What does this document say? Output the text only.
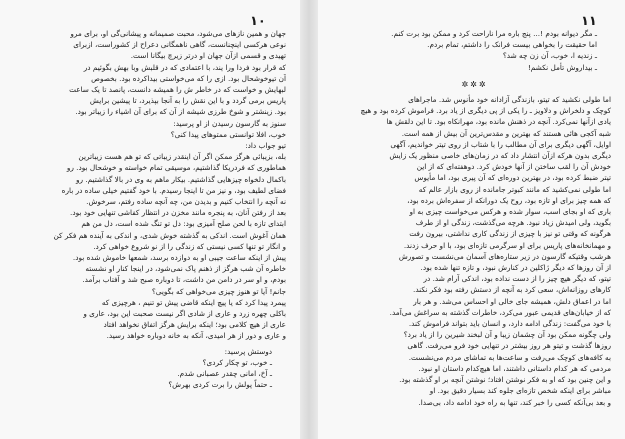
۱۰

جهان و همین نازهای می‌شود، محبت صمیمانه و پیشانی‌گی او، برای مرو

نوعی هرکسی اینچنانست، گاهی ناهمگانی دعراح از کشوراست، ازبرای

تهیدی و قسمی ازآن جهان او درتر زیرچ بیگانا است.

که قرار بود فردا ورا یند، با اعتمادی که در قلبش وبا بهش بگوئیم در

آن تیوخوشحال بود. ازی را که می‌خواستی بیداکرده بود. بخصوص

لبهایش و خواست که در خاطر ش را همیشه دانست، پانصد تا یک ساعت

پاریس برمی گردد و با این نقش را به آنجا بپذیرد، تا پیشین برایش

بود. زینشتر و شوخ طرزی شیشه از آن که برای آن اشیاء را زیباتر بود.

سنوز به گارسون رسیدن از او پرسید:

خوب، افلا توانستی ممتوهای پیدا کنی؟

تیو جواب داد:

بله، بزیبائی هرگز ممکن اگر آن اینقدر زیباتی که تو هم هست زیباترین

هماطوری که فردریکا گذاشتیم، موسیقی تمام خواسته و خوشحال بود. رو

باکمال دلخواه چیزهایی گذاشتیم. بیکار ماهم به وی در بالا گذاشتیم. رو

فضای لطیف بود، و نیز من تا اینجا رسیدم. با خود گفتیم خیلی ساده در باره

نه آنچه را انتخاب کنیم و بدیدن من، چه آنچه ساده رفتم، سرخوش.

بعد از رفتن آنان، به پنجره مانند مخزن در انتظار کفاشی تنهایی خود بود.

ابتدای تازه با لحن صلح آمیزی بود: دل تو تنگ شده است، دل من هم

همان آغوش است. اندکی به گذشته خوش شدی، و اندکی به آینده هم فکر کن

و انگار تو تنها کسی نیستی که زندگی را از نو شروع خواهی کرد.

پیش از اینکه ساعت جیبی او به دوازده برسد، شمعها خاموش شده بود.

خاطره آن شب هرگز از ذهنم پاک نمی‌شود، در اینجا کنار او نشسته

بودم، و او سر در دامن من داشت، تا دوباره صبح شد و آفتاب برآمد.

جانم! آیا تو هنوز چیزی می‌خواهی که بگویی؟

پیمرد پیدا کرد که یا پیچ اینکه قاضی پیش تو تنیم ، هرچیزی که

باکلی چهره زرد و عاری از شادی اگر نیست صحبت این بود، عاری و

عاری از هیچ کلامی بود؛ اینکه برایش هرگز اتفاق نخواهد افتاد

و عاری و دور از هر امیدی، آنکه به خانه دوباره خواهد رسید.

دوستش پرسید:

ـ خوب، تو چکار کردی؟

ـ آخ، امانی چقدر عصبانی شدم.

ـ حتماً پولش را برت کردی بهرش؟

۱۱

ـ مگر دیوانه بودم !... پنج باره مرا ناراحت کرد و ممکن بود برت کنم.

اما حقیقت را بخواهی بیست فرانک را داشتم، تمام بردم.

ـ زندیه ا، خوب، آن زن چه شد؟

ـ بیداروش تأمل نکشم!

✲✲✲

اما طولی نکشید که تیتو، بازندگی آزادانه خود مأنوس شد. ماجراهای

کوچک و دلخراش و دلاویز ـ را یکی از پی دیگری از یاد برد. فراموش کرده بود و هیچ

یادی ازآنها نمی‌کرد. آنچه در ذهنش مانده بود، مهرانکاه بود. تا این دلقش ها

شبه آکجی هائی هستند که بهترین و مقدس‌ترین آن بیش از همه است.

اوایل، آگهی دیگری برای آن مطالب را با شتاب از روی تیتر خواندیم، آگهی

دیگری بدون هرکه ازآن انتشار داد که در زمان‌های خاصی منظور یک زایش

خودش آن را لقب ساختن از آنها خودش کرد. دوهفته‌ای که از این

تیتر ضبط کرده بود، در بهترین دوره‌ای که آن پیری بود، اما مأیوس

اما طولی نمی‌کشید که مانند کبوتر جامانده از روی بازار عالم که

که همه چیز برای او تازه بود، روح یک دورانکه از سفره‌اش برده بود،

باری که او بجای اسب، سوار شده و هرکس می‌خواست چیزی به او

بگوید، ولی امیدش زیاد نبود. هرچه می‌گذشت، زندگی او از طرف

هرگونه که وقتی تو نیز با چیزی از زندگی کاری نداشتی، بیرون رفت

و مهمانخانه‌های پاریس برای او سرگرمی تازه‌ای بود، با او حرف زدند.

هرشب وقتیکه گارسون در زیر ستاره‌های آسمان می‌نشست و تصورش

از آن روزها که دیگر ژاکلین در کنارش نبود، و تازه تنها شده بود.

تیتو، که دیگر هیچ چیز را از دست نداده بود، اندکی آرام شد. در

کارهای روزانه‌اش، سعی کرد به آنچه از دستش رفته بود فکر نکند.

اما در اعماق دلش، همیشه جای خالی او احساس می‌شد. و هر بار

که از خیابان‌های قدیمی عبور می‌کرد، خاطرات گذشته به سراغش می‌آمد.

با خود می‌گفت: زندگی ادامه دارد، و انسان باید بتواند فراموش کند.

ولی چگونه ممکن بود آن چشمان زیبا و آن لبخند شیرین را از یاد برد؟

روزها گذشت و تیتو هر روز بیشتر در تنهایی خود فرو می‌رفت. گاهی

به کافه‌های کوچک می‌رفت و ساعت‌ها به تماشای مردم می‌نشست.

مردمی که هر کدام داستانی داشتند، اما هیچ‌کدام داستان او نبود.

و این چنین بود که او به فکر نوشتن افتاد؛ نوشتن آنچه بر او گذشته بود.

مباشر برای اینکه شخص تازه‌ای جلوه کند بسیار دقیق بود. او

و بعد بی‌آنکه کسی را خبر کند، تنها به راه خود ادامه داد، بی‌صدا.
